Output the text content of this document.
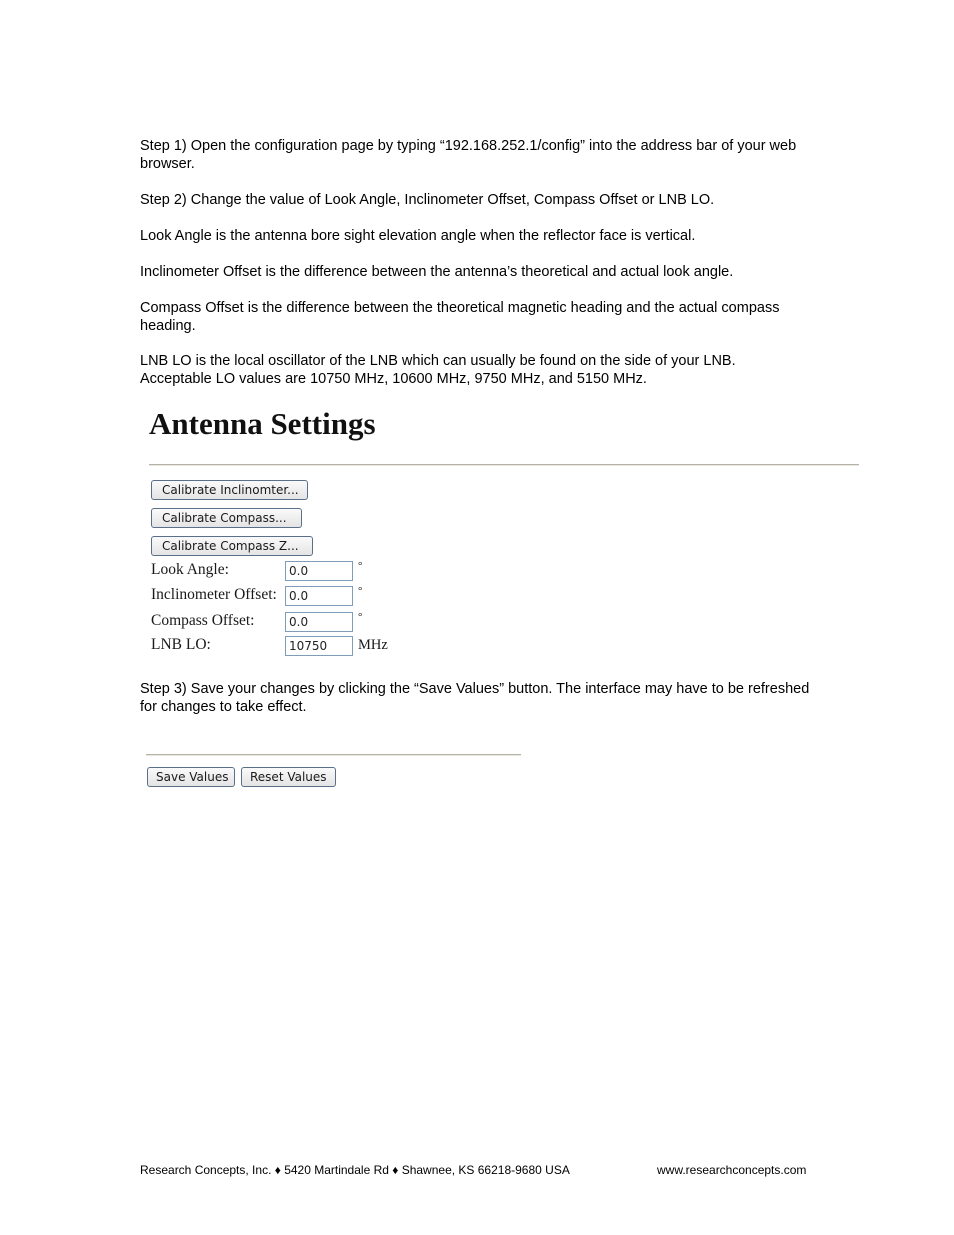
Step 1) Open the configuration page by typing “192.168.252.1/config” into the address bar of your web browser.

Step 2) Change the value of Look Angle, Inclinometer Offset, Compass Offset or LNB LO.

Look Angle is the antenna bore sight elevation angle when the reflector face is vertical.

Inclinometer Offset is the difference between the antenna’s theoretical and actual look angle.

Compass Offset is the difference between the theoretical magnetic heading and the actual compass heading.

LNB LO is the local oscillator of the LNB which can usually be found on the side of your LNB.
Acceptable LO values are 10750 MHz, 10600 MHz, 9750 MHz, and 5150 MHz.
Antenna Settings
Calibrate Inclinomter...
Calibrate Compass...
Calibrate Compass Z...
Look Angle:
0.0	°
Inclinometer Offset:
0.0	°
Compass Offset:
0.0	°
LNB LO:
10750	MHz

Step 3) Save your changes by clicking the “Save Values” button. The interface may have to be refreshed for changes to take effect.

Save Values	Reset Values
Research Concepts, Inc. ♦ 5420 Martindale Rd ♦ Shawnee, KS 66218-9680 USA	www.researchconcepts.com
